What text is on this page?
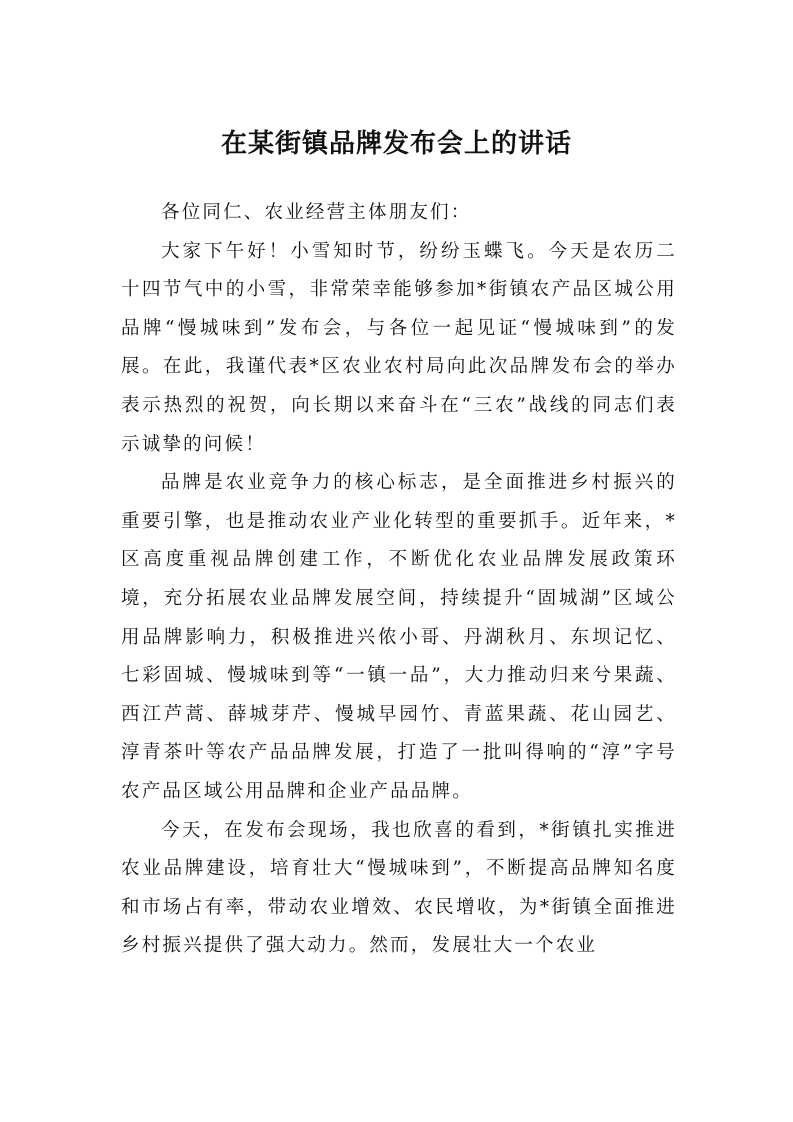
在某街镇品牌发布会上的讲话

各位同仁、农业经营主体朋友们：

大家下午好！小雪知时节，纷纷玉蝶飞。今天是农历二十四节气中的小雪，非常荣幸能够参加*街镇农产品区城公用品牌“慢城味到”发布会，与各位一起见证“慢城味到”的发展。在此，我谨代表*区农业农村局向此次品牌发布会的举办表示热烈的祝贺，向长期以来奋斗在“三农”战线的同志们表示诚挚的问候！

品牌是农业竞争力的核心标志，是全面推进乡村振兴的重要引擎，也是推动农业产业化转型的重要抓手。近年来，*区高度重视品牌创建工作，不断优化农业品牌发展政策环境，充分拓展农业品牌发展空间，持续提升“固城湖”区域公用品牌影响力，积极推进兴侬小哥、丹湖秋月、东坝记忆、七彩固城、慢城味到等“一镇一品”，大力推动归来兮果蔬、西江芦蒿、薛城芽芹、慢城早园竹、青蓝果蔬、花山园艺、淳青茶叶等农产品品牌发展，打造了一批叫得响的“淳”字号农产品区域公用品牌和企业产品品牌。

今天，在发布会现场，我也欣喜的看到，*街镇扎实推进农业品牌建设，培育壮大“慢城味到”，不断提高品牌知名度和市场占有率，带动农业增效、农民增收，为*街镇全面推进乡村振兴提供了强大动力。然而，发展壮大一个农业
